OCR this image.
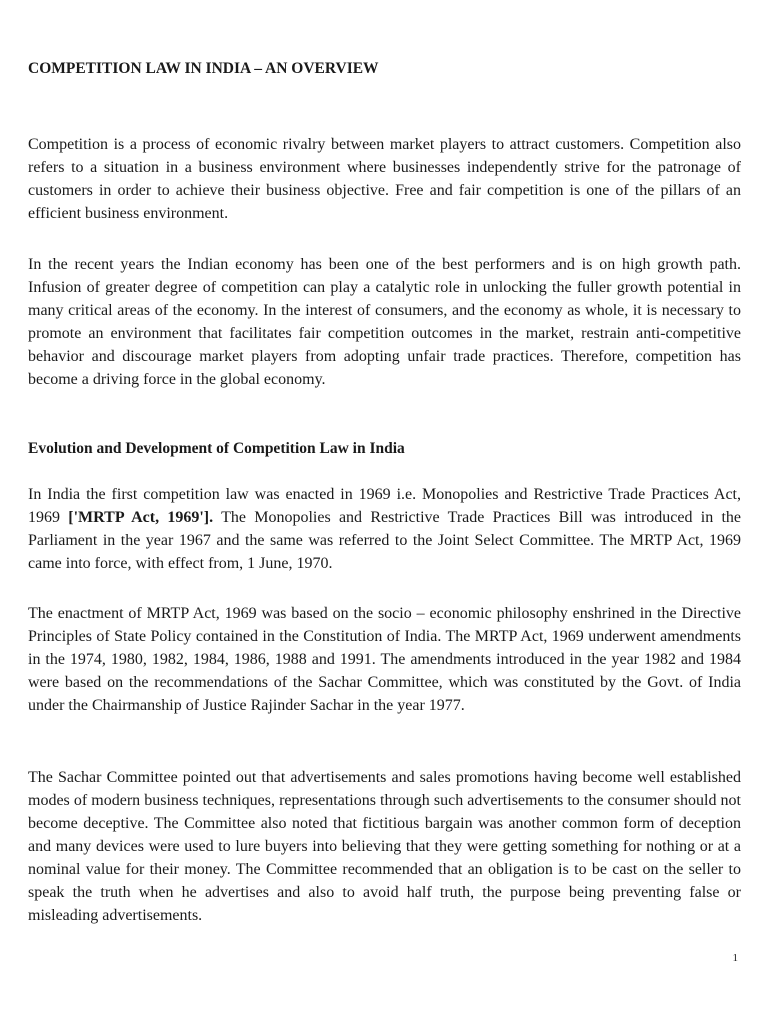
COMPETITION LAW IN INDIA – AN OVERVIEW

Competition is a process of economic rivalry between market players to attract customers. Competition also refers to a situation in a business environment where businesses independently strive for the patronage of customers in order to achieve their business objective. Free and fair competition is one of the pillars of an efficient business environment.

In the recent years the Indian economy has been one of the best performers and is on high growth path. Infusion of greater degree of competition can play a catalytic role in unlocking the fuller growth potential in many critical areas of the economy. In the interest of consumers, and the economy as whole, it is necessary to promote an environment that facilitates fair competition outcomes in the market, restrain anti-competitive behavior and discourage market players from adopting unfair trade practices. Therefore, competition has become a driving force in the global economy.

Evolution and Development of Competition Law in India

In India the first competition law was enacted in 1969 i.e. Monopolies and Restrictive Trade Practices Act, 1969 ['MRTP Act, 1969']. The Monopolies and Restrictive Trade Practices Bill was introduced in the Parliament in the year 1967 and the same was referred to the Joint Select Committee. The MRTP Act, 1969 came into force, with effect from, 1 June, 1970.

The enactment of MRTP Act, 1969 was based on the socio – economic philosophy enshrined in the Directive Principles of State Policy contained in the Constitution of India. The MRTP Act, 1969 underwent amendments in the 1974, 1980, 1982, 1984, 1986, 1988 and 1991. The amendments introduced in the year 1982 and 1984 were based on the recommendations of the Sachar Committee, which was constituted by the Govt. of India under the Chairmanship of Justice Rajinder Sachar in the year 1977.

The Sachar Committee pointed out that advertisements and sales promotions having become well established modes of modern business techniques, representations through such advertisements to the consumer should not become deceptive. The Committee also noted that fictitious bargain was another common form of deception and many devices were used to lure buyers into believing that they were getting something for nothing or at a nominal value for their money. The Committee recommended that an obligation is to be cast on the seller to speak the truth when he advertises and also to avoid half truth, the purpose being preventing false or misleading advertisements.

1
